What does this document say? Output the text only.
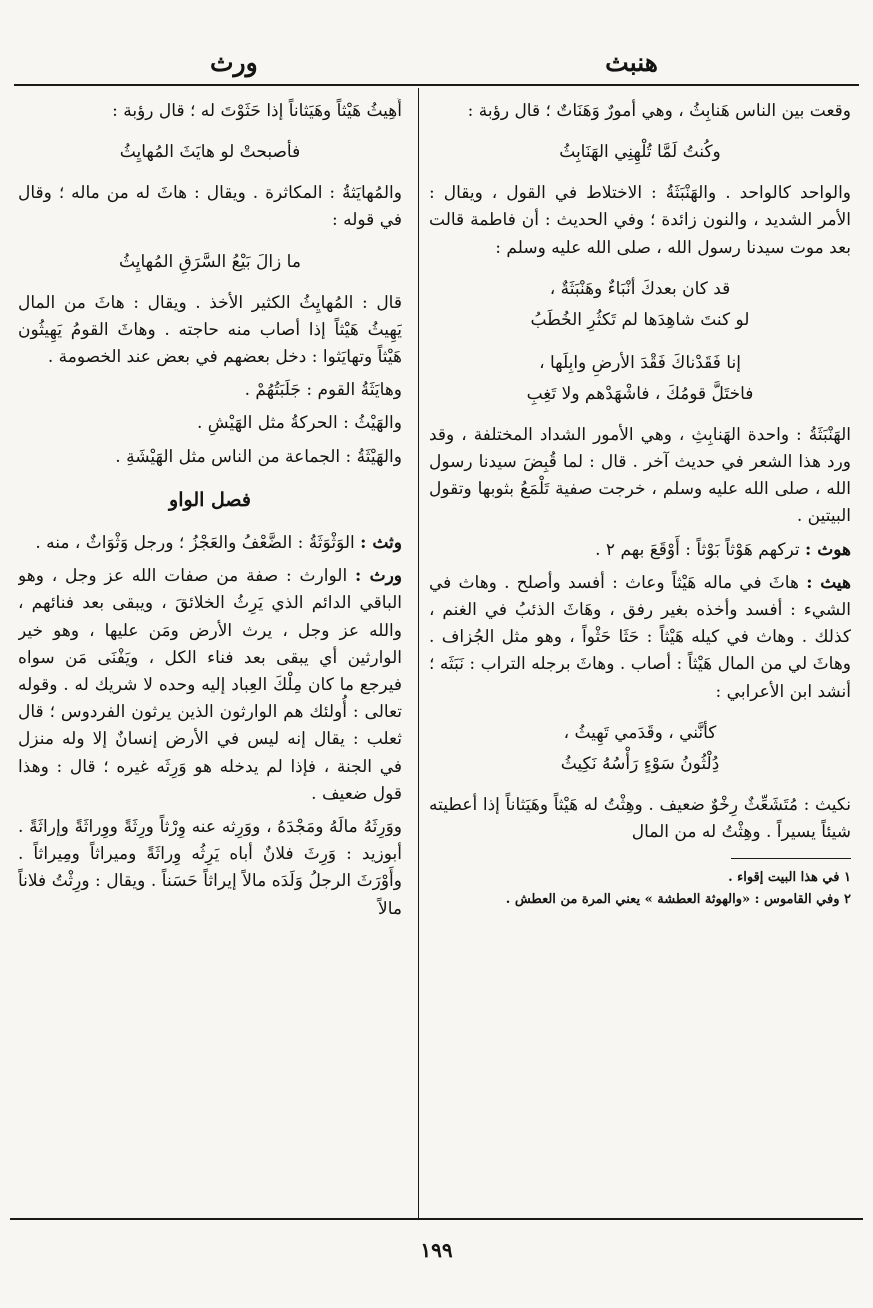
هنبث
ورث

وقعت بين الناس هَنابِثُ ، وهي أمورٌ وَهَنَاتٌ ؛ قال رؤبة :

وكُنتُ لَمَّا تُلْهِنِي الهَنَابِثُ

والواحد كالواحد . والهَنْبَثَةُ : الاختلاط في القول ، ويقال : الأمر الشديد ، والنون زائدة ؛ وفي الحديث : أن فاطمة قالت بعد موت سيدنا رسول الله ، صلى الله عليه وسلم :

قد كان بعدكَ أنْبَاءٌ وهَنْبَثَةٌ ،
لو كنتَ شاهِدَها لم تَكثُرِ الخُطَبُ
إنا فَقَدْناكَ فَقْدَ الأرضِ وابِلَها ،
فاختَلَّ قومُكَ ، فاشْهَدْهم ولا تَغِبِ

الهَنْبَثَةُ : واحدة الهَنابِثِ ، وهي الأمور الشداد المختلفة ، وقد ورد هذا الشعر في حديث آخر . قال : لما قُبِضَ سيدنا رسول الله ، صلى الله عليه وسلم ، خرجت صفية تَلْمَعُ بثوبها وتقول البيتين .

هوث : تركهم هَوْثاً بَوْثاً : أَوْقَعَ بهم ٢ .

هيث : هاثَ في ماله هَيْثاً وعاث : أفسد وأصلح . وهاث في الشيء : أفسد وأخذه بغير رفق ، وهَاثَ الذئبُ في الغنم ، كذلك . وهاث في كيله هَيْثاً : حَثَا حَثْواً ، وهو مثل الجُزاف . وهاثَ لي من المال هَيْثاً : أصاب . وهاثَ برجله التراب : نَبَثَه ؛ أنشد ابن الأعرابي :

كأنَّني ، وقَدَمي تَهِيثُ ،
دُِلْثُونُ سَوْءٍ رَأْسُهُ نَكِيثُ

نكيث : مُتَشَعِّثٌ رِخْوٌ ضعيف . وهِثْتُ له هَيْثاً وهَيَثاناً إذا أعطيته شيئاً يسيراً . وهِثْتُ له من المال

١ في هذا البيت إقواء .

٢ وفي القاموس : «والهوثة العطشة » يعني المرة من العطش .

أَهِيثُ هَيْثاً وهَيَثاناً إذا حَثَوْتَ له ؛ قال رؤبة :

فأصبحتْ لو هايَثَ المُهايِثُ

والمُهايَثةُ : المكاثرة . ويقال : هاثَ له من ماله ؛ وقال في قوله :

ما زالَ بَيْعُ السَّرَقِ المُهايِثُ

قال : المُهايِثُ الكثير الأخذ . ويقال : هاثَ من المال يَهِيثُ هَيْثاً إذا أصاب منه حاجته . وهاثَ القومُ يَهِيثُون هَيْثاً وتهايَثوا : دخل بعضهم في بعض عند الخصومة .

وهايَثَةُ القوم : جَلَبَتُهُمْ .

والهَيْثُ : الحركةُ مثل الهَيْشِ .

والهَيْثَةُ : الجماعة من الناس مثل الهَيْشَةِ .

فصل الواو

وثث : الوَثْوَثَةُ : الضَّعْفُ والعَجْزُ ؛ ورجل وَثْوَاثٌ ، منه .

ورث : الوارث : صفة من صفات الله عز وجل ، وهو الباقي الدائم الذي يَرِثُ الخلائقَ ، ويبقى بعد فنائهم ، والله عز وجل ، يرث الأرض ومَن عليها ، وهو خير الوارثين أي يبقى بعد فناء الكل ، ويَفْنَى مَن سواه فيرجع ما كان مِلْكَ العِباد إليه وحده لا شريك له . وقوله تعالى : أُولئك هم الوارثون الذين يرثون الفردوس ؛ قال ثعلب : يقال إنه ليس في الأرض إنسانٌ إلا وله منزل في الجنة ، فإذا لم يدخله هو وَرِثَه غيره ؛ قال : وهذا قول ضعيف .

ووَرِثَهُ مالَهُ ومَجْدَهُ ، ووَرِثه عنه وِرْثاً ورِثَةً ووِراثَةً وإراثَةً . أبوزيد : وَرِثَ فلانٌ أباه يَرِثُه وِراثَةً وميراثاً ومِيراثاً . وأَوْرَثَ الرجلُ وَلَدَه مالاً إيراثاً حَسَناً . ويقال : ورِثْتُ فلاناً مالاً

١٩٩
